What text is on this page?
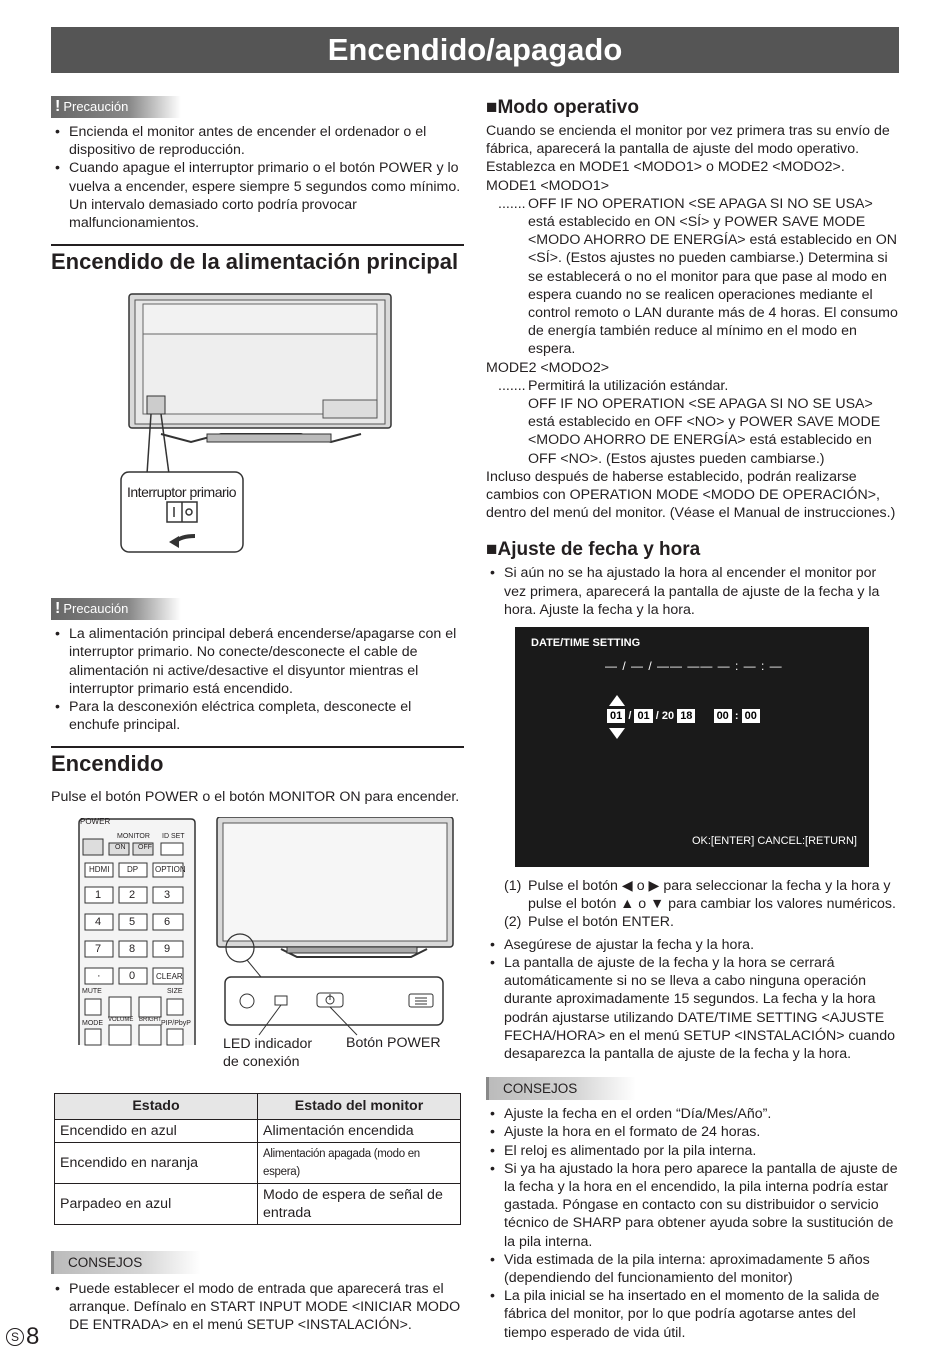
Encendido/apagado
! Precaución
• Encienda el monitor antes de encender el ordenador o el dispositivo de reproducción.
• Cuando apague el interruptor primario o el botón POWER y lo vuelva a encender, espere siempre 5 segundos como mínimo. Un intervalo demasiado corto podría provocar malfuncionamientos.
Encendido de la alimentación principal
Interruptor primario
! Precaución
• La alimentación principal deberá encenderse/apagarse con el interruptor primario. No conecte/desconecte el cable de alimentación ni active/desactive el disyuntor mientras el interruptor primario está encendido.
• Para la desconexión eléctrica completa, desconecte el enchufe principal.
Encendido

Pulse el botón POWER o el botón MONITOR ON para encender.

POWER
MONITOR ID SET
ON OFF
HDMI DP OPTION
1	2	3
4	5	6
7	8	9
·	0	CLEAR
MUTE	SIZE
VOLUME BRIGHT
MODE	PIP/PbyP
LED indicador
de conexión
Botón POWER
Estado	Estado del monitor
Encendido en azul	Alimentación encendida
Encendido en naranja	Alimentación apagada (modo en espera)
Parpadeo en azul	Modo de espera de señal de entrada
CONSEJOS
• Puede establecer el modo de entrada que aparecerá tras el arranque. Defínalo en START INPUT MODE <INICIAR MODO DE ENTRADA> en el menú SETUP <INSTALACIÓN>.
■Modo operativo

Cuando se encienda el monitor por vez primera tras su envío de fábrica, aparecerá la pantalla de ajuste del modo operativo. Establezca en MODE1 <MODO1> o MODE2 <MODO2>.

MODE1 <MODO1>

....... OFF IF NO OPERATION <SE APAGA SI NO SE USA> está establecido en ON <SÍ> y POWER SAVE MODE <MODO AHORRO DE ENERGÍA> está establecido en ON <SÍ>. (Estos ajustes no pueden cambiarse.) Determina si se establecerá o no el monitor para que pase al modo en espera cuando no se realicen operaciones mediante el control remoto o LAN durante más de 4 horas. El consumo de energía también reduce al mínimo en el modo en espera.

MODE2 <MODO2>

....... Permitirá la utilización estándar.
OFF IF NO OPERATION <SE APAGA SI NO SE USA> está establecido en OFF <NO> y POWER SAVE MODE <MODO AHORRO DE ENERGÍA> está establecido en OFF <NO>. (Estos ajustes pueden cambiarse.)

Incluso después de haberse establecido, podrán realizarse cambios con OPERATION MODE <MODO DE OPERACIÓN>, dentro del menú del monitor. (Véase el Manual de instrucciones.)

■Ajuste de fecha y hora
• Si aún no se ha ajustado la hora al encender el monitor por vez primera, aparecerá la pantalla de ajuste de la fecha y la hora. Ajuste la fecha y la hora.
DATE/TIME SETTING
— / — / —— —— — : — : —
01 / 01 / 20 18 00 : 00
OK:[ENTER] CANCEL:[RETURN]
(1) Pulse el botón ◀ o ▶ para seleccionar la fecha y la hora y pulse el botón ▲ o ▼ para cambiar los valores numéricos.
(2) Pulse el botón ENTER.
• Asegúrese de ajustar la fecha y la hora.
• La pantalla de ajuste de la fecha y la hora se cerrará automáticamente si no se lleva a cabo ninguna operación durante aproximadamente 15 segundos. La fecha y la hora podrán ajustarse utilizando DATE/TIME SETTING <AJUSTE FECHA/HORA> en el menú SETUP <INSTALACIÓN> cuando desaparezca la pantalla de ajuste de la fecha y la hora.
CONSEJOS
• Ajuste la fecha en el orden “Día/Mes/Año”.
• Ajuste la hora en el formato de 24 horas.
• El reloj es alimentado por la pila interna.
• Si ya ha ajustado la hora pero aparece la pantalla de ajuste de la fecha y la hora en el encendido, la pila interna podría estar gastada. Póngase en contacto con su distribuidor o servicio técnico de SHARP para obtener ayuda sobre la sustitución de la pila interna.
• Vida estimada de la pila interna: aproximadamente 5 años (dependiendo del funcionamiento del monitor)
• La pila inicial se ha insertado en el momento de la salida de fábrica del monitor, por lo que podría agotarse antes del tiempo esperado de vida útil.
S 8
